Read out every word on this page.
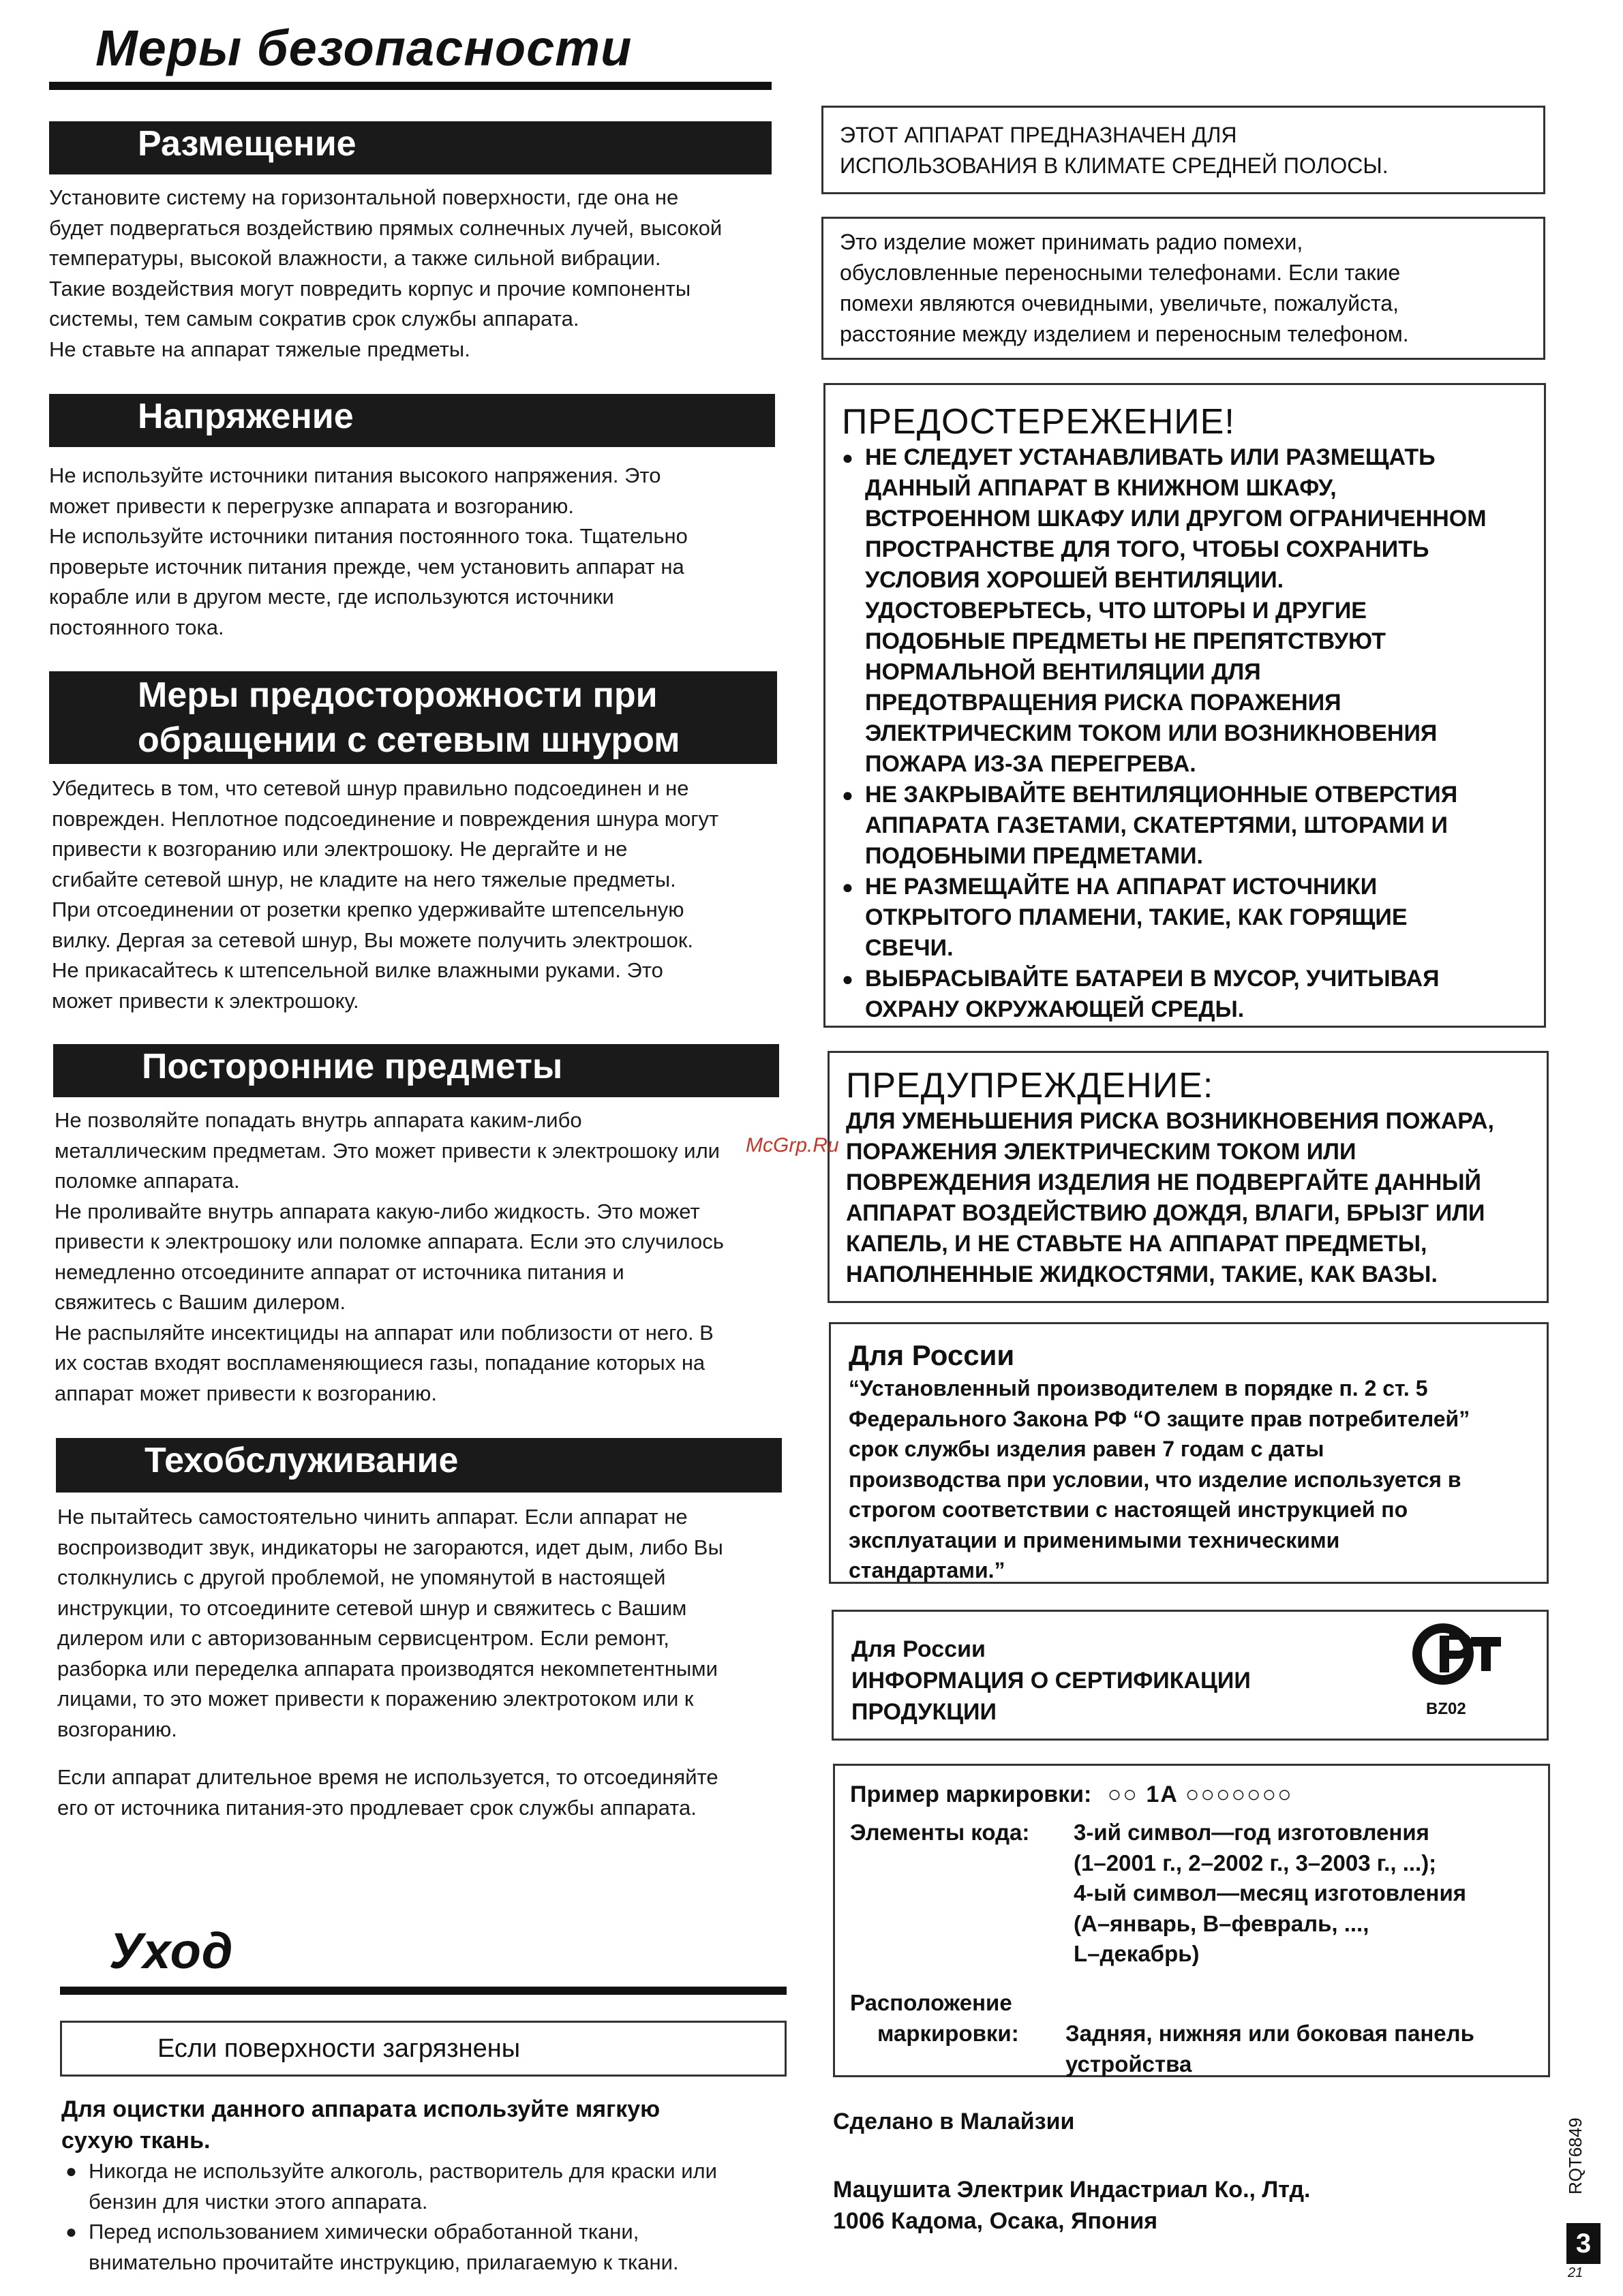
Меры безопасности
Размещение
Установите систему на горизонтальной поверхности, где она не
будет подвергаться воздействию прямых солнечных лучей, высокой
температуры, высокой влажности, а также сильной вибрации.
Такие воздействия могут повредить корпус и прочие компоненты
системы, тем самым сократив срок службы аппарата.
Не ставьте на аппарат тяжелые предметы.
Напряжение
Не используйте источники питания высокого напряжения. Это
может привести к перегрузке аппарата и возгоранию.
Не используйте источники питания постоянного тока. Тщательно
проверьте источник питания прежде, чем установить аппарат на
корабле или в другом месте, где используются источники
постоянного тока.
Меры предосторожности при
обращении с сетевым шнуром
Убедитесь в том, что сетевой шнур правильно подсоединен и не
поврежден. Неплотное подсоединение и повреждения шнура могут
привести к возгоранию или электрошоку. Не дергайте и не
сгибайте сетевой шнур, не кладите на него тяжелые предметы.
При отсоединении от розетки крепко удерживайте штепсельную
вилку. Дергая за сетевой шнур, Вы можете получить электрошок.
Не прикасайтесь к штепсельной вилке влажными руками. Это
может привести к электрошоку.
Посторонние предметы
Не позволяйте попадать внутрь аппарата каким-либо
металлическим предметам. Это может привести к электрошоку или
поломке аппарата.
Не проливайте внутрь аппарата какую-либо жидкость. Это может
привести к электрошоку или поломке аппарата. Если это случилось
немедленно отсоедините аппарат от источника питания и
свяжитесь с Вашим дилером.
Не распыляйте инсектициды на аппарат или поблизости от него. В
их состав входят воспламеняющиеся газы, попадание которых на
аппарат может привести к возгоранию.
Техобслуживание
Не пытайтесь самостоятельно чинить аппарат. Если аппарат не
воспроизводит звук, индикаторы не загораются, идет дым, либо Вы
столкнулись с другой проблемой, не упомянутой в настоящей
инструкции, то отсоедините сетевой шнур и свяжитесь с Вашим
дилером или с авторизованным сервисцентром. Если ремонт,
разборка или переделка аппарата производятся некомпетентными
лицами, то это может привести к поражению электротоком или к
возгоранию.
Если аппарат длительное время не используется, то отсоединяйте
его от источника питания-это продлевает срок службы аппарата.
Уход
Если поверхности загрязнены
Для оцистки данного аппарата используйте мягкую
сухую ткань.
● Никогда не используйте алкоголь, растворитель для краски или
бензин для чистки этого аппарата.
● Перед использованием химически обработанной ткани,
внимательно прочитайте инструкцию, прилагаемую к ткани.
ЭТОТ АППАРАТ ПРЕДНАЗНАЧЕН ДЛЯ
ИСПОЛЬЗОВАНИЯ В КЛИМАТЕ СРЕДНЕЙ ПОЛОСЫ.
Это изделие может принимать радио помехи,
обусловленные переносными телефонами. Если такие
помехи являются очевидными, увеличьте, пожалуйста,
расстояние между изделием и переносным телефоном.
ПРЕДОСТЕРЕЖЕНИЕ!
● НЕ СЛЕДУЕТ УСТАНАВЛИВАТЬ ИЛИ РАЗМЕЩАТЬ
ДАННЫЙ АППАРАТ В КНИЖНОМ ШКАФУ,
ВСТРОЕННОМ ШКАФУ ИЛИ ДРУГОМ ОГРАНИЧЕННОМ
ПРОСТРАНСТВЕ ДЛЯ ТОГО, ЧТОБЫ СОХРАНИТЬ
УСЛОВИЯ ХОРОШЕЙ ВЕНТИЛЯЦИИ.
УДОСТОВЕРЬТЕСЬ, ЧТО ШТОРЫ И ДРУГИЕ
ПОДОБНЫЕ ПРЕДМЕТЫ НЕ ПРЕПЯТСТВУЮТ
НОРМАЛЬНОЙ ВЕНТИЛЯЦИИ ДЛЯ
ПРЕДОТВРАЩЕНИЯ РИСКА ПОРАЖЕНИЯ
ЭЛЕКТРИЧЕСКИМ ТОКОМ ИЛИ ВОЗНИКНОВЕНИЯ
ПОЖАРА ИЗ-ЗА ПЕРЕГРЕВА.
● НЕ ЗАКРЫВАЙТЕ ВЕНТИЛЯЦИОННЫЕ ОТВЕРСТИЯ
АППАРАТА ГАЗЕТАМИ, СКАТЕРТЯМИ, ШТОРАМИ И
ПОДОБНЫМИ ПРЕДМЕТАМИ.
● НЕ РАЗМЕЩАЙТЕ НА АППАРАТ ИСТОЧНИКИ
ОТКРЫТОГО ПЛАМЕНИ, ТАКИЕ, КАК ГОРЯЩИЕ
СВЕЧИ.
● ВЫБРАСЫВАЙТЕ БАТАРЕИ В МУСОР, УЧИТЫВАЯ
ОХРАНУ ОКРУЖАЮЩЕЙ СРЕДЫ.
ПРЕДУПРЕЖДЕНИЕ:
ДЛЯ УМЕНЬШЕНИЯ РИСКА ВОЗНИКНОВЕНИЯ ПОЖАРА,
ПОРАЖЕНИЯ ЭЛЕКТРИЧЕСКИМ ТОКОМ ИЛИ
ПОВРЕЖДЕНИЯ ИЗДЕЛИЯ НЕ ПОДВЕРГАЙТЕ ДАННЫЙ
АППАРАТ ВОЗДЕЙСТВИЮ ДОЖДЯ, ВЛАГИ, БРЫЗГ ИЛИ
КАПЕЛЬ, И НЕ СТАВЬТЕ НА АППАРАТ ПРЕДМЕТЫ,
НАПОЛНЕННЫЕ ЖИДКОСТЯМИ, ТАКИЕ, КАК ВАЗЫ.
Для России
“Установленный производителем в порядке п. 2 ст. 5
Федерального Закона РФ “О защите прав потребителей”
срок службы изделия равен 7 годам с даты
производства при условии, что изделие используется в
строгом соответствии с настоящей инструкцией по
эксплуатации и применимыми техническими
стандартами.”
Для России
ИНФОРМАЦИЯ О СЕРТИФИКАЦИИ
ПРОДУКЦИИ	BZ02
Пример маркировки: ○○ 1A ○○○○○○○
Элементы кода: 3-ий символ—год изготовления
(1–2001 г., 2–2002 г., 3–2003 г., ...);
4-ый символ—месяц изготовления
(A–январь, B–февраль, ...,
L–декабрь)
Расположение
маркировки: Задняя, нижняя или боковая панель
устройства
Сделано в Малайзии
Мацушита Электрик Индастриал Ко., Лтд.
1006 Кадома, Осака, Япония
McGrp.Ru
RQT6849
3
21
